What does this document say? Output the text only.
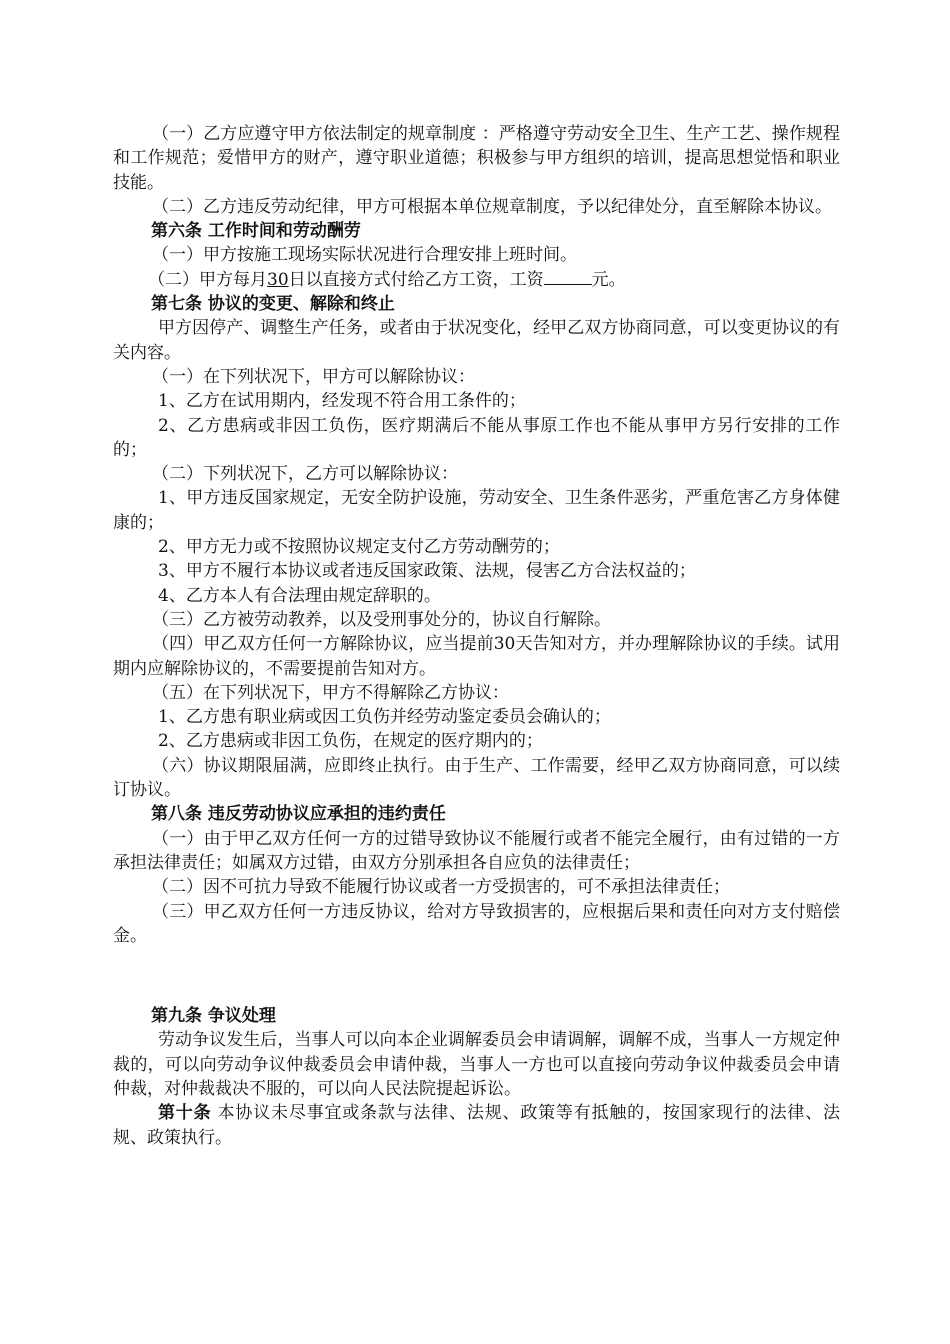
（一）乙方应遵守甲方依法制定的规章制度 ：严格遵守劳动安全卫生、生产工艺、操作规程和工作规范；爱惜甲方的财产，遵守职业道德；积极参与甲方组织的培训，提高思想觉悟和职业技能。

（二）乙方违反劳动纪律，甲方可根据本单位规章制度，予以纪律处分，直至解除本协议。

第六条 工作时间和劳动酬劳

（一）甲方按施工现场实际状况进行合理安排上班时间。

（二）甲方每月30日以直接方式付给乙方工资，工资	元。

第七条 协议的变更、解除和终止

甲方因停产、调整生产任务，或者由于状况变化，经甲乙双方协商同意，可以变更协议的有关内容。

（一）在下列状况下，甲方可以解除协议：

1、乙方在试用期内，经发现不符合用工条件的；

2、乙方患病或非因工负伤，医疗期满后不能从事原工作也不能从事甲方另行安排的工作的；

（二）下列状况下，乙方可以解除协议：

1、甲方违反国家规定，无安全防护设施，劳动安全、卫生条件恶劣，严重危害乙方身体健康的；

2、甲方无力或不按照协议规定支付乙方劳动酬劳的；

3、甲方不履行本协议或者违反国家政策、法规，侵害乙方合法权益的；

4、乙方本人有合法理由规定辞职的。

（三）乙方被劳动教养，以及受刑事处分的，协议自行解除。

（四）甲乙双方任何一方解除协议，应当提前30天告知对方，并办理解除协议的手续。试用期内应解除协议的，不需要提前告知对方。

（五）在下列状况下，甲方不得解除乙方协议：

1、乙方患有职业病或因工负伤并经劳动鉴定委员会确认的；

2、乙方患病或非因工负伤，在规定的医疗期内的；

（六）协议期限届满，应即终止执行。由于生产、工作需要，经甲乙双方协商同意，可以续订协议。

第八条 违反劳动协议应承担的违约责任

（一）由于甲乙双方任何一方的过错导致协议不能履行或者不能完全履行，由有过错的一方承担法律责任；如属双方过错，由双方分别承担各自应负的法律责任；

（二）因不可抗力导致不能履行协议或者一方受损害的，可不承担法律责任；

（三）甲乙双方任何一方违反协议，给对方导致损害的，应根据后果和责任向对方支付赔偿金。

第九条 争议处理

劳动争议发生后，当事人可以向本企业调解委员会申请调解，调解不成，当事人一方规定仲裁的，可以向劳动争议仲裁委员会申请仲裁，当事人一方也可以直接向劳动争议仲裁委员会申请仲裁，对仲裁裁决不服的，可以向人民法院提起诉讼。

第十条 本协议未尽事宜或条款与法律、法规、政策等有抵触的，按国家现行的法律、法规、政策执行。
